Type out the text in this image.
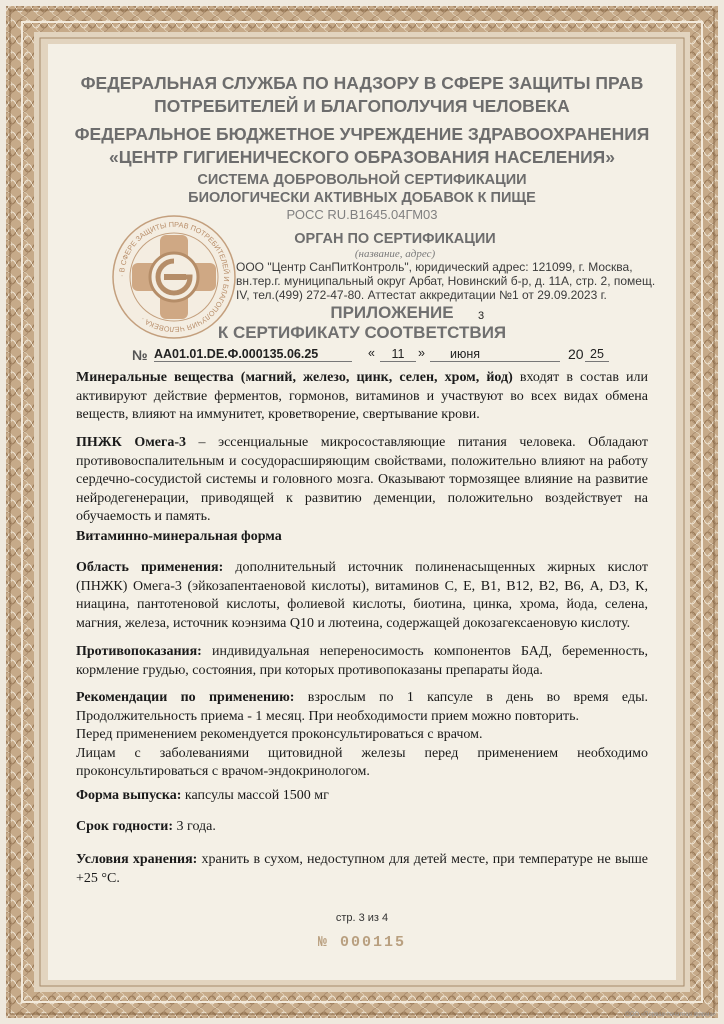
ФЕДЕРАЛЬНАЯ СЛУЖБА ПО НАДЗОРУ В СФЕРЕ ЗАЩИТЫ ПРАВ

ПОТРЕБИТЕЛЕЙ И БЛАГОПОЛУЧИЯ ЧЕЛОВЕКА

ФЕДЕРАЛЬНОЕ БЮДЖЕТНОЕ УЧРЕЖДЕНИЕ ЗДРАВООХРАНЕНИЯ

«ЦЕНТР ГИГИЕНИЧЕСКОГО ОБРАЗОВАНИЯ НАСЕЛЕНИЯ»

СИСТЕМА ДОБРОВОЛЬНОЙ СЕРТИФИКАЦИИ

БИОЛОГИЧЕСКИ АКТИВНЫХ ДОБАВОК К ПИЩЕ

РОСС RU.B1645.04ГМ03
· В СФЕРЕ ЗАЩИТЫ ПРАВ ПОТРЕБИТЕЛЕЙ И БЛАГОПОЛУЧИЯ ЧЕЛОВЕКА ·
ОРГАН ПО СЕРТИФИКАЦИИ
(название, адрес)
ООО "Центр СанПитКонтроль", юридический адрес: 121099, г. Москва, вн.тер.г. муниципальный округ Арбат, Новинский б-р, д. 11А, стр. 2, помещ. IV, тел.(499) 272-47-80. Аттестат аккредитации №1 от 29.09.2023 г.
ПРИЛОЖЕНИЕ
К СЕРТИФИКАТУ СООТВЕТСТВИЯ
3
№ AA01.01.DE.Ф.000135.06.25	«	11	»	июня	20 25

Минеральные вещества (магний, железо, цинк, селен, хром, йод) входят в состав или активируют действие ферментов, гормонов, витаминов и участвуют во всех видах обмена веществ, влияют на иммунитет, кроветворение, свертывание крови.

ПНЖК Омега-3 – эссенциальные микросоставляющие питания человека. Обладают противовоспалительным и сосудорасширяющим свойствами, положительно влияют на работу сердечно-сосудистой системы и головного мозга. Оказывают тормозящее влияние на развитие нейродегенерации, приводящей к развитию деменции, положительно воздействует на обучаемость и память.

Витаминно-минеральная форма

Область применения: дополнительный источник полиненасыщенных жирных кислот (ПНЖК) Омега-3 (эйкозапентаеновой кислоты), витаминов С, Е, В1, В12, В2, В6, А, D3, К, ниацина, пантотеновой кислоты, фолиевой кислоты, биотина, цинка, хрома, йода, селена, магния, железа, источник коэнзима Q10 и лютеина, содержащей докозагексаеновую кислоту.

Противопоказания: индивидуальная непереносимость компонентов БАД, беременность, кормление грудью, состояния, при которых противопоказаны препараты йода.

Рекомендации по применению: взрослым по 1 капсуле в день во время еды. Продолжительность приема - 1 месяц. При необходимости прием можно повторить.

Перед применением рекомендуется проконсультироваться с врачом.

Лицам с заболеваниями щитовидной железы перед применением необходимо проконсультироваться с врачом-эндокринологом.

Форма выпуска: капсулы массой 1500 мг

Срок годности: 3 года.

Условия хранения: хранить в сухом, недоступном для детей месте, при температуре не выше +25 °С.

стр. 3 из 4
№ 000115
ООО «Первая печатная фирма»
